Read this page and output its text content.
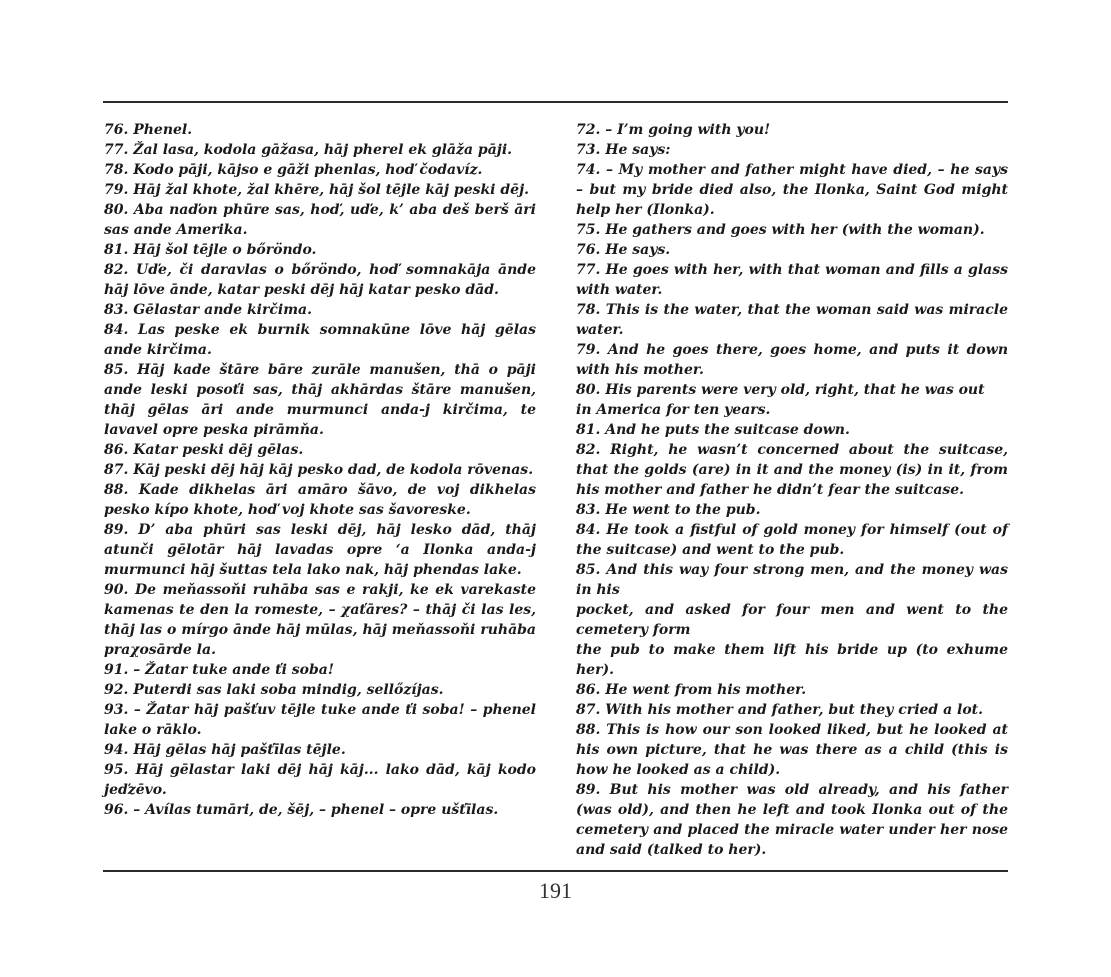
76. Phenel.

77. Žal lasa, kodola gāžasa, hāj pherel ek glāža pāji.

78. Kodo pāji, kājso e gāži phenlas, hoď čodavíz.

79. Hāj žal khote, žal khēre, hāj šol tējle kāj peski dēj.

80. Aba naďon phūre sas, hoď, uďe, k’ aba deš berš āri sas ande Amerika.

81. Hāj šol tējle o bőröndo.

82. Uďe, či daravlas o bőröndo, hoď somnakāja āndе hāj lōve ānde, katar peski dēj hāj katar pesko dād.

83. Gēlastar ande kirčima.

84. Las peske ek burnik somnakūne lōve hāj gēlas ande kirčima.

85. Hāj kade štāre bāre zurāle manušen, thā o pāji ande leski posoťi sas, thāj akhārdas štāre manušen, thāj gēlas āri ande murmunci anda-j kirčima, te lavavel opre peska pirāmňa.

86. Katar peski dēj gēlas.

87. Kāj peski dēj hāj kāj pesko dad, de kodola rōvenas.

88. Kade dikhelas āri amāro šāvo, de voj dikhelas pesko kípo khote, hoď voj khote sas šavoreske.

89. D’ aba phūri sas leski dēj, hāj lesko dād, thāj atunči gēlotār hāj lavadas opre ‘a Ilonka anda-j murmunci hāj šuttas tela lako nak, hāj phendas lake.

90. De meňassoňi ruhāba sas e rakji, ke ek varekaste kamenas te den la romeste, – χaťāres? – thāj či las les, thāj las o mírgo ānde hāj mūlas, hāj meňassoňi ruhāba praχosārde la.

91. – Žatar tuke ande ťi soba!

92. Puterdi sas laki soba mindig, sellőzíjas.

93. – Žatar hāj pašťuv tējle tuke ande ťi soba! – phenel lake o rāklo.

94. Hāj gēlas hāj pašťīlas tējle.

95. Hāj gēlastar laki dēj hāj kāj... lako dād, kāj kodo jeďzēvo.

96. – Avílas tumāri, de, šēj, – phenel – opre ušťīlas.

72. – I’m going with you!

73. He says:

74. – My mother and father might have died, – he says – but my bride died also, the Ilonka, Saint God might help her (Ilonka).

75. He gathers and goes with her (with the woman).

76. He says.

77. He goes with her, with that woman and fills a glass with water.

78. This is the water, that the woman said was miracle water.

79. And he goes there, goes home, and puts it down with his mother.

80. His parents were very old, right, that he was out

in America for ten years.

81. And he puts the suitcase down.

82. Right, he wasn’t concerned about the suitcase, that the golds (are) in it and the money (is) in it, from his mother and father he didn’t fear the suitcase.

83. He went to the pub.

84. He took a fistful of gold money for himself (out of the suitcase) and went to the pub.

85. And this way four strong men, and the money was in his

pocket, and asked for four men and went to the cemetery form

the pub to make them lift his bride up (to exhume her).

86. He went from his mother.

87. With his mother and father, but they cried a lot.

88. This is how our son looked liked, but he looked at his own picture, that he was there as a child (this is how he looked as a child).

89. But his mother was old already, and his father (was old), and then he left and took Ilonka out of the cemetery and placed the miracle water under her nose and said (talked to her).

191
